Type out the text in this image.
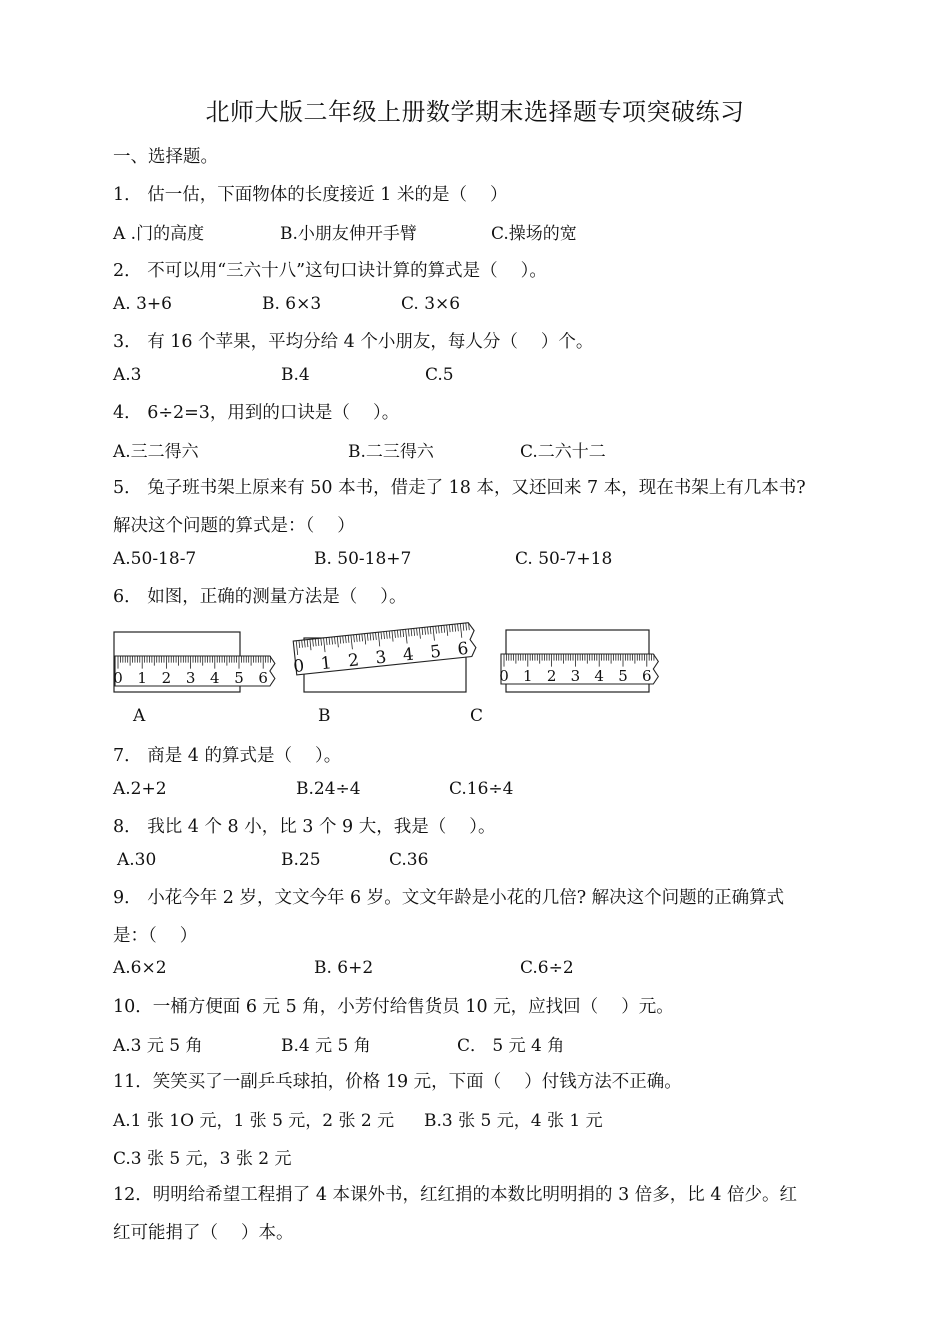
北师大版二年级上册数学期末选择题专项突破练习
一、选择题。
1． 估一估，下面物体的长度接近 1 米的是（　 ）
A .门的高度	B.小朋友伸开手臂	C.操场的宽
2． 不可以用“三六十八”这句口诀计算的算式是（　 ）。
A. 3+6	B. 6×3	C. 3×6
3． 有 16 个苹果，平均分给 4 个小朋友，每人分（　 ）个。
A.3	B.4	C.5
4． 6÷2=3，用到的口诀是（　 ）。
A.三二得六	B.二三得六	C.二六十二
5． 兔子班书架上原来有 50 本书，借走了 18 本，又还回来 7 本，现在书架上有几本书?
解决这个问题的算式是：（　 ）
A.50-18-7	B. 50-18+7	C. 50-7+18
6． 如图，正确的测量方法是（　 ）。
0 1 2 3 4 5 6
0 1 2 3 4 5 6
0 1 2 3 4 5 6
A	B	C
7． 商是 4 的算式是（　 ）。
A.2+2	B.24÷4	C.16÷4
8． 我比 4 个 8 小，比 3 个 9 大，我是（　 ）。
A.30	B.25	C.36
9． 小花今年 2 岁，文文今年 6 岁。文文年龄是小花的几倍? 解决这个问题的正确算式
是：（　 ）
A.6×2	B. 6+2	C.6÷2
10．一桶方便面 6 元 5 角，小芳付给售货员 10 元，应找回（　 ）元。
A.3 元 5 角	B.4 元 5 角	C． 5 元 4 角
11．笑笑买了一副乒乓球拍，价格 19 元，下面（　 ）付钱方法不正确。
A.1 张 1O 元，1 张 5 元，2 张 2 元 B.3 张 5 元，4 张 1 元
C.3 张 5 元，3 张 2 元
12．明明给希望工程捐了 4 本课外书，红红捐的本数比明明捐的 3 倍多，比 4 倍少。红
红可能捐了（　 ）本。
